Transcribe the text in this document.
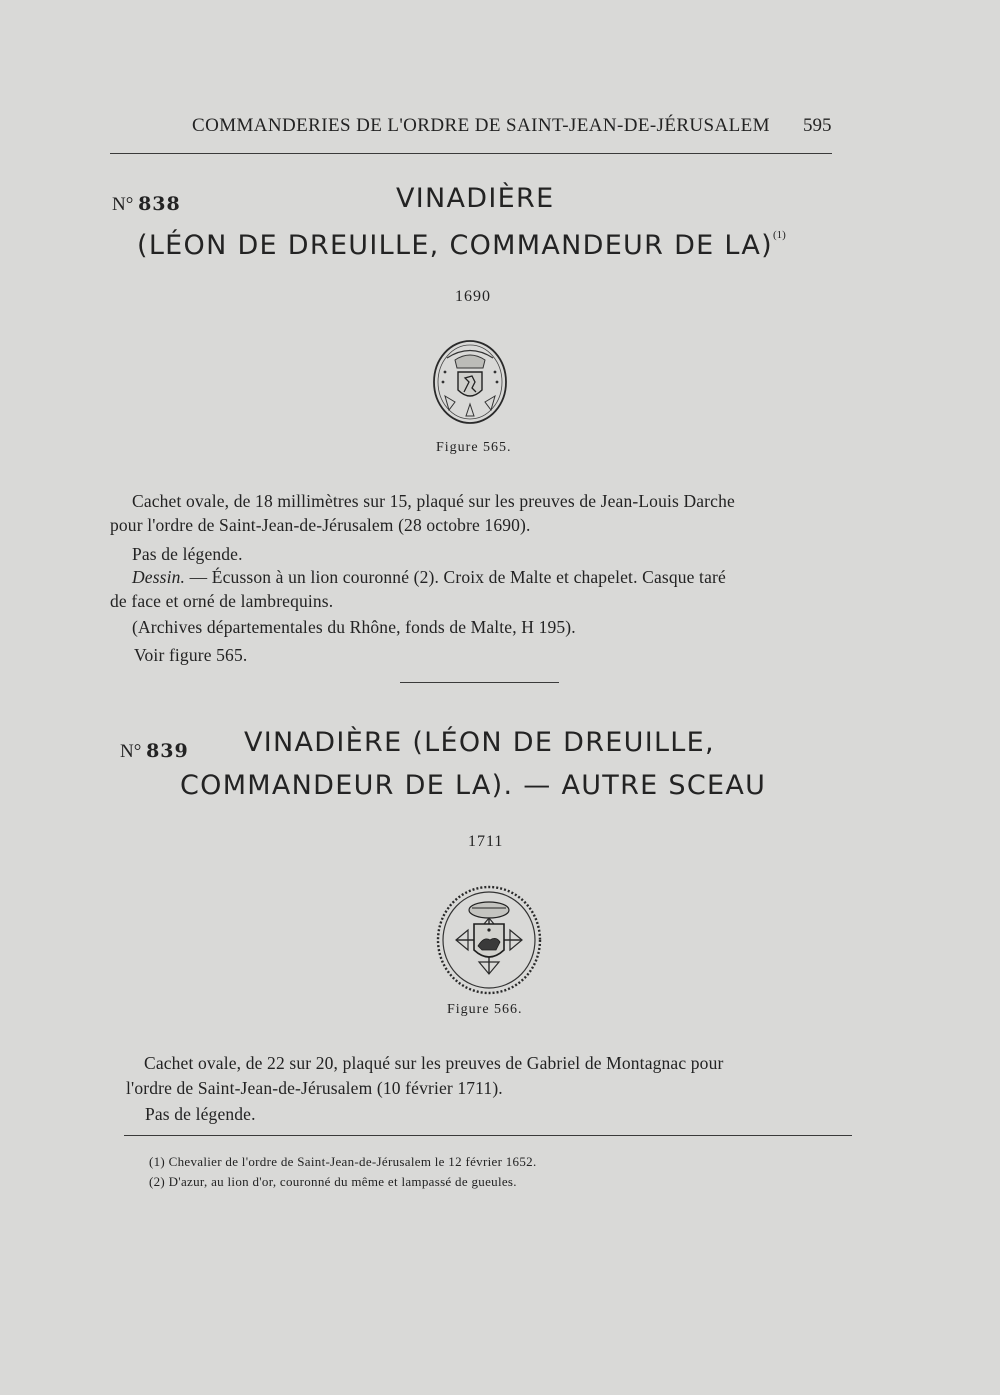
COMMANDERIES DE L'ORDRE DE SAINT-JEAN-DE-JÉRUSALEM 595
N° 838	VINADIÈRE
(LÉON DE DREUILLE, COMMANDEUR DE LA)$^{(1)}$
1690
Figure 565.
Cachet ovale, de 18 millimètres sur 15, plaqué sur les preuves de Jean-Louis Darche
pour l'ordre de Saint-Jean-de-Jérusalem (28 octobre 1690).
Pas de légende.
Dessin. — Écusson à un lion couronné (2). Croix de Malte et chapelet. Casque taré
de face et orné de lambrequins.
(Archives départementales du Rhône, fonds de Malte, H 195).
Voir figure 565.
N° 839 VINADIÈRE (LÉON DE DREUILLE,
COMMANDEUR DE LA). — AUTRE SCEAU
1711
Figure 566.
Cachet ovale, de 22 sur 20, plaqué sur les preuves de Gabriel de Montagnac pour
l'ordre de Saint-Jean-de-Jérusalem (10 février 1711).
Pas de légende.
(1) Chevalier de l'ordre de Saint-Jean-de-Jérusalem le 12 février 1652.
(2) D'azur, au lion d'or, couronné du même et lampassé de gueules.
